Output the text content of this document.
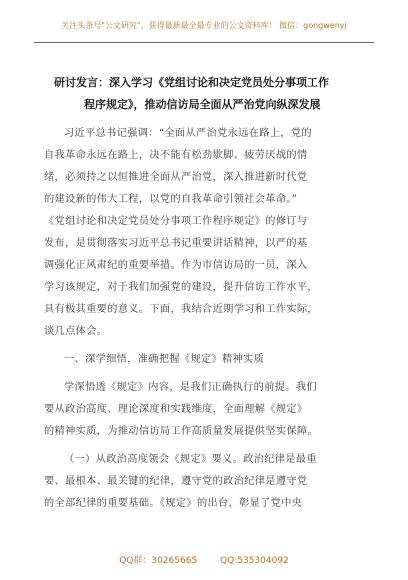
关注头条号"公文研究"，获得最新最全最专业的公文资料库！ 微信：gongwenyj
研讨发言：深入学习《党组讨论和决定党员处分事项工作
程序规定》，推动信访局全面从严治党向纵深发展
习近平总书记强调：“全面从严治党永远在路上，党的
自我革命永远在路上，决不能有松劲歇脚、疲劳厌战的情
绪，必须持之以恒推进全面从严治党，深入推进新时代党
的建设新的伟大工程，以党的自我革命引领社会革命。”
《党组讨论和决定党员处分事项工作程序规定》的修订与
发布，是贯彻落实习近平总书记重要讲话精神，以严的基
调强化正风肃纪的重要举措。作为市信访局的一员，深入
学习该规定，对于我们加强党的建设，提升信访工作水平，
具有极其重要的意义。下面，我结合近期学习和工作实际，
谈几点体会。
一、深学细悟，准确把握《规定》精神实质
学深悟透《规定》内容，是我们正确执行的前提。我们
要从政治高度、理论深度和实践维度，全面理解《规定》
的精神实质，为推动信访局工作高质量发展提供坚实保障。
（一）从政治高度领会《规定》要义。政治纪律是最重
要、最根本、最关键的纪律，遵守党的政治纪律是遵守党
的全部纪律的重要基础。《规定》的出台，彰显了党中央
QQ群：30265665	QQ:535304092
